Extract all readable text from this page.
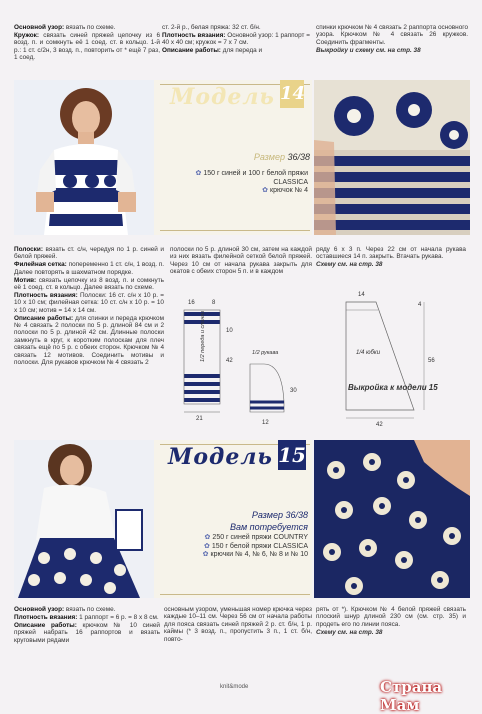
Основной узор: вязать по схеме.

Кружок: связать синей пряжей цепочку из 6 возд. п. и сомкнуть её 1 соед. ст. в кольцо. 1-й р.: 1 ст. с/2н, 3 возд. п., повторить от * ещё 7 раз, 1 соед.

ст. 2-й р., белая пряжа: 32 ст. б/н.

Плотность вязания: Основной узор: 1 раппорт = 40 х 40 см; кружок = 7 х 7 см.

Описание работы: для переда и

спинки крючком № 4 связать 2 раппорта основного узора. Крючком № 4 связать 26 кружков. Соединить фрагменты.

Выкройку и схему см. на стр. 38

Модель 14
Размер 36/38
✿ 150 г синей и 100 г белой пряжи CLASSICA
✿ крючок № 4

Полоски: вязать ст. с/н, чередуя по 1 р. синей и белой пряжей.

Филейная сетка: попеременно 1 ст. с/н, 1 возд. п. Далее повторять в шахматном порядке.

Мотив: связать цепочку из 8 возд. п. и сомкнуть её 1 соед. ст. в кольцо. Далее вязать по схеме.

Плотность вязания: Полоски: 16 ст. с/н х 10 р. = 10 х 10 см; филейная сетка: 10 ст. с/н х 10 р. = 10 х 10 см; мотив = 14 х 14 см.

Описание работы: для спинки и переда крючком № 4 связать 2 полоски по 5 р. длиной 84 см и 2 полоски по 5 р. длиной 42 см. Длинные полоски замкнуть в круг, к коротким полоскам для плеч связать ещё по 5 р. с обеих сторон. Крючком № 4 связать 12 мотивов. Соединить мотивы и полоски. Для рукавов крючком № 4 связать 2

полоски по 5 р. длиной 30 см, затем на каждой из них вязать филейной сеткой белой пряжей. Через 10 см от начала рукава закрыть для окатов с обеих сторон 5 п. и в каждом

ряду 6 х 3 п. Через 22 см от начала рукава оставшиеся 14 п. закрыть. Втачать рукава.

Схему см. на стр. 38

21
16	8
42
10
1/2 переда и спинки	1/2 рукава
30
12
14
4
56
42
1/4 юбки
Выкройка к модели 15
Модель 15
Размер 36/38
Вам потребуется
✿ 250 г синей пряжи COUNTRY
✿ 150 г белой пряжи CLASSICA
✿ крючки № 4, № 6, № 8 и № 10

Основной узор: вязать по схеме.

Плотность вязания: 1 раппорт = 6 р. = 8 х 8 см.

Описание работы: крючком № 10 синей пряжей набрать 16 раппортов и вязать круговыми рядами

основным узором, уменьшая номер крючка через каждые 10–11 см. Через 56 см от начала работы для пояса связать синей пряжей 2 р. ст. б/н, 1 р. каймы (* 3 возд. п., пропустить 3 п., 1 ст. б/н, повто-

рять от *). Крючком № 4 белой пряжей связать плоский шнур длиной 230 см (см. стр. 35) и продеть его по линии пояса.

Схему см. на стр. 38

knit&mode	Страна Мам
